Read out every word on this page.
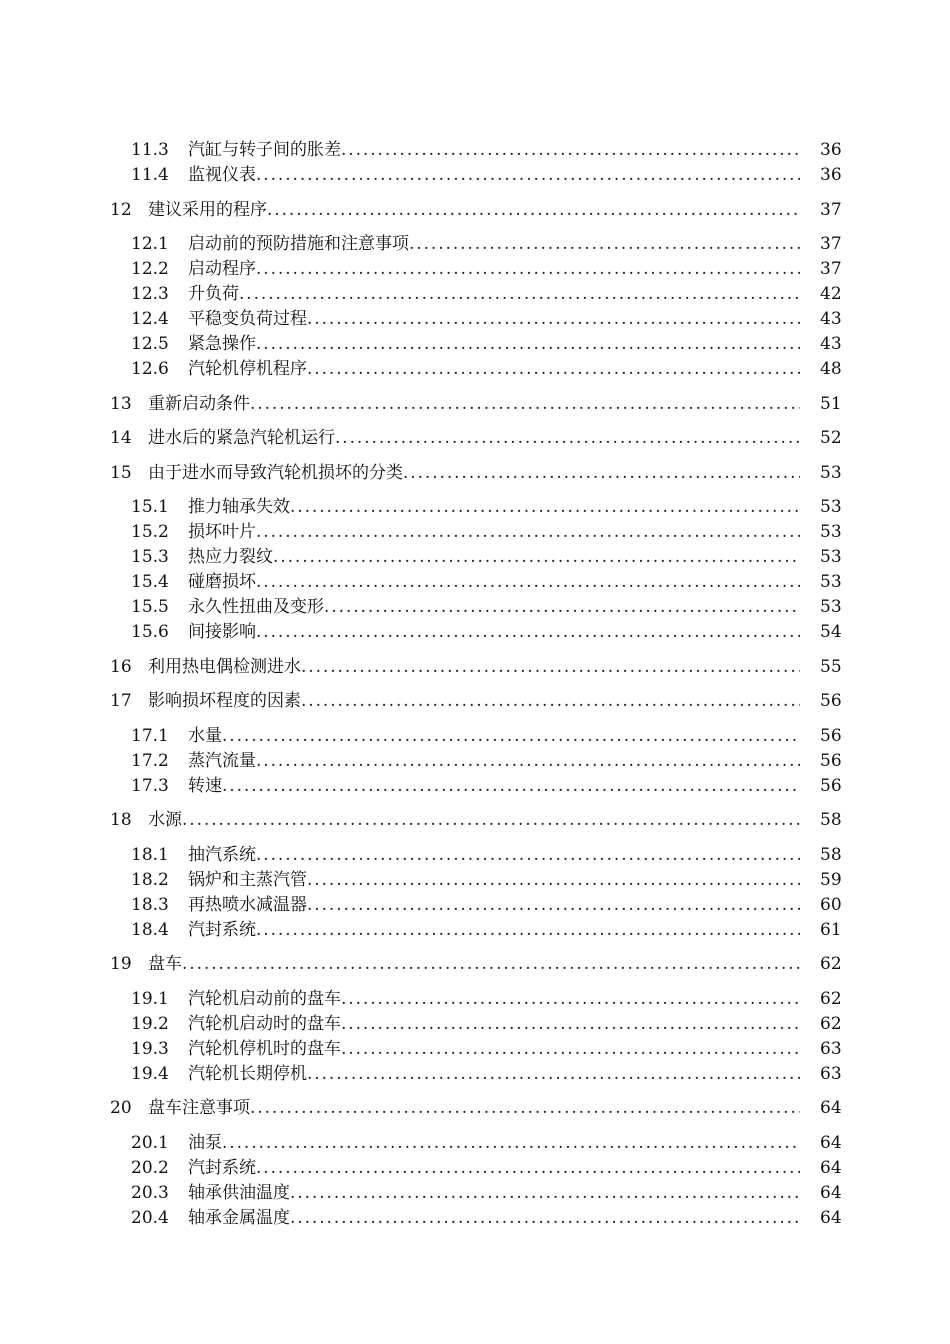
11.3	汽缸与转子间的胀差 .....	36
11.4	监视仪表 .....	36
12 建议采用的程序 .....	37
12.1	启动前的预防措施和注意事项 .....	37
12.2	启动程序 .....	37
12.3	升负荷 .....	42
12.4	平稳变负荷过程 .....	43
12.5	紧急操作 .....	43
12.6	汽轮机停机程序 .....	48
13 重新启动条件 .....	51
14 进水后的紧急汽轮机运行 .....	52
15 由于进水而导致汽轮机损坏的分类 .....	53
15.1	推力轴承失效 .....	53
15.2	损坏叶片 .....	53
15.3	热应力裂纹 .....	53
15.4	碰磨损坏 .....	53
15.5	永久性扭曲及变形 .....	53
15.6	间接影响 .....	54
16 利用热电偶检测进水 .....	55
17 影响损坏程度的因素 .....	56
17.1	水量 .....	56
17.2	蒸汽流量 .....	56
17.3	转速 .....	56
18 水源 .....	58
18.1	抽汽系统 .....	58
18.2	锅炉和主蒸汽管 .....	59
18.3	再热喷水减温器 .....	60
18.4	汽封系统 .....	61
19 盘车 .....	62
19.1	汽轮机启动前的盘车 .....	62
19.2	汽轮机启动时的盘车 .....	62
19.3	汽轮机停机时的盘车 .....	63
19.4	汽轮机长期停机 .....	63
20 盘车注意事项 .....	64
20.1	油泵 .....	64
20.2	汽封系统 .....	64
20.3	轴承供油温度 .....	64
20.4	轴承金属温度 .....	64
